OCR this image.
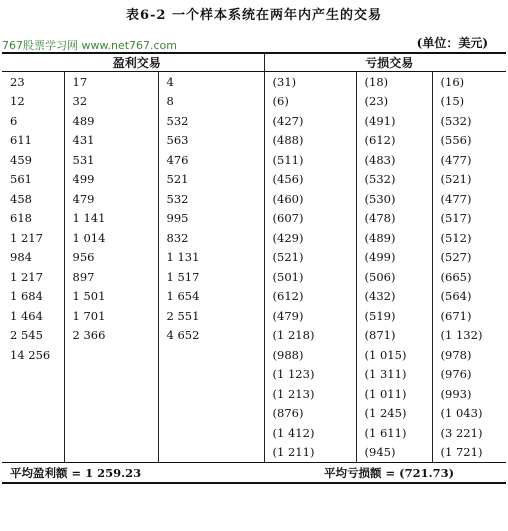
表6-2 一个样本系统在两年内产生的交易
767股票学习网 www.net767.com	(单位：美元)
盈利交易			亏损交易		
23	17	4	(31)	(18)	(16)
12	32	8	(6)	(23)	(15)
6	489	532	(427)	(491)	(532)
611	431	563	(488)	(612)	(556)
459	531	476	(511)	(483)	(477)
561	499	521	(456)	(532)	(521)
458	479	532	(460)	(530)	(477)
618	1 141	995	(607)	(478)	(517)
1 217	1 014	832	(429)	(489)	(512)
984	956	1 131	(521)	(499)	(527)
1 217	897	1 517	(501)	(506)	(665)
1 684	1 501	1 654	(612)	(432)	(564)
1 464	1 701	2 551	(479)	(519)	(671)
2 545	2 366	4 652	(1 218)	(871)	(1 132)
14 256			(988)	(1 015)	(978)
			(1 123)	(1 311)	(976)
			(1 213)	(1 011)	(993)
			(876)	(1 245)	(1 043)
			(1 412)	(1 611)	(3 221)
			(1 211)	(945)	(1 721)
平均盈利额 = 1 259.23			平均亏损额 = (721.73)		
